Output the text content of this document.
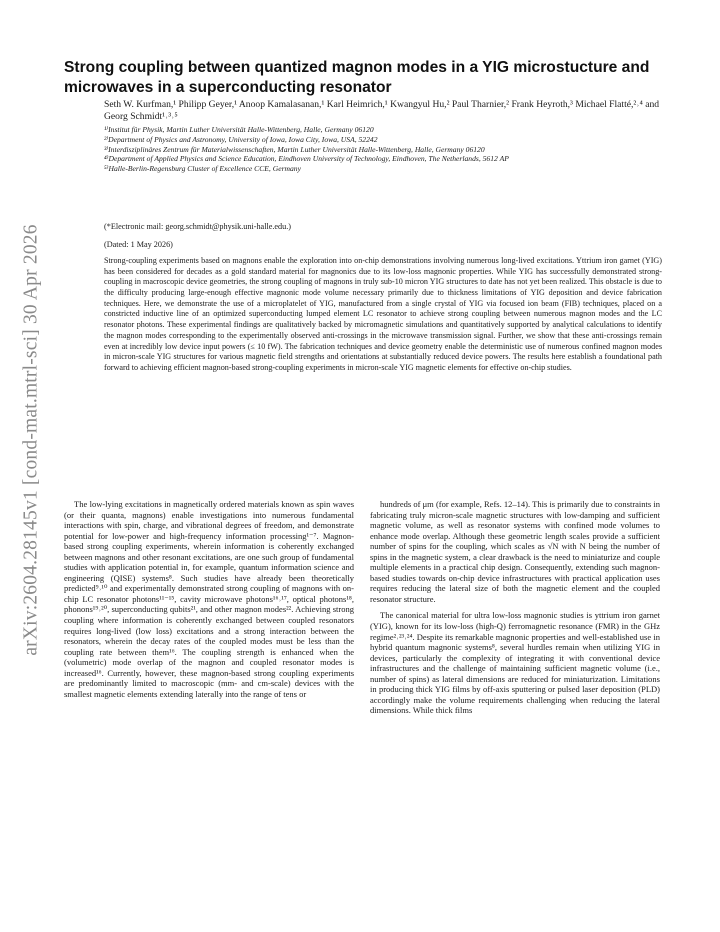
arXiv:2604.28145v1 [cond-mat.mtrl-sci] 30 Apr 2026
Strong coupling between quantized magnon modes in a YIG microstucture and microwaves in a superconducting resonator

Seth W. Kurfman,¹ Philipp Geyer,¹ Anoop Kamalasanan,¹ Karl Heimrich,¹ Kwangyul Hu,² Paul Tharnier,² Frank Heyroth,³ Michael Flatté,²˒⁴ and Georg Schmidt¹˒³˒⁵

¹⁾Institut für Physik, Martin Luther Universität Halle-Wittenberg, Halle, Germany 06120

²⁾Department of Physics and Astronomy, University of Iowa, Iowa City, Iowa, USA, 52242

³⁾Interdisziplinäres Zentrum für Materialwissenschaften, Martin Luther Universität Halle-Wittenberg, Halle, Germany 06120

⁴⁾Department of Applied Physics and Science Education, Eindhoven University of Technology, Eindhoven, The Netherlands, 5612 AP

⁵⁾Halle-Berlin-Regensburg Cluster of Excellence CCE, Germany

(*Electronic mail: georg.schmidt@physik.uni-halle.edu.)

(Dated: 1 May 2026)

Strong-coupling experiments based on magnons enable the exploration into on-chip demonstrations involving numerous long-lived excitations. Yttrium iron garnet (YIG) has been considered for decades as a gold standard material for magnonics due to its low-loss magnonic properties. While YIG has successfully demonstrated strong-coupling in macroscopic device geometries, the strong coupling of magnons in truly sub-10 micron YIG structures to date has not yet been realized. This obstacle is due to the difficulty producing large-enough effective magnonic mode volume necessary primarily due to thickness limitations of YIG deposition and device fabrication techniques. Here, we demonstrate the use of a microplatelet of YIG, manufactured from a single crystal of YIG via focused ion beam (FIB) techniques, placed on a constricted inductive line of an optimized superconducting lumped element LC resonator to achieve strong coupling between numerous magnon modes and the LC resonator photons. These experimental findings are qualitatively backed by micromagnetic simulations and quantitatively supported by analytical calculations to identify the magnon modes corresponding to the experimentally observed anti-crossings in the microwave transmission signal. Further, we show that these anti-crossings remain even at incredibly low device input powers (≤ 10 fW). The fabrication techniques and device geometry enable the deterministic use of numerous confined magnon modes in micron-scale YIG structures for various magnetic field strengths and orientations at substantially reduced device powers. The results here establish a foundational path forward to achieving efficient magnon-based strong-coupling experiments in micron-scale YIG magnetic elements for effective on-chip studies.

The low-lying excitations in magnetically ordered materials known as spin waves (or their quanta, magnons) enable investigations into numerous fundamental interactions with spin, charge, and vibrational degrees of freedom, and demonstrate potential for low-power and high-frequency information processing¹⁻⁷. Magnon-based strong coupling experiments, wherein information is coherently exchanged between magnons and other resonant excitations, are one such group of fundamental studies with application potential in, for example, quantum information science and engineering (QISE) systems⁸. Such studies have already been theoretically predicted⁹˒¹⁰ and experimentally demonstrated strong coupling of magnons with on-chip LC resonator photons¹¹⁻¹⁵, cavity microwave photons¹⁶˒¹⁷, optical photons¹⁸, phonons¹⁹˒²⁰, superconducting qubits²¹, and other magnon modes²². Achieving strong coupling where information is coherently exchanged between coupled resonators requires long-lived (low loss) excitations and a strong interaction between the resonators, wherein the decay rates of the coupled modes must be less than the coupling rate between them¹⁶. The coupling strength is enhanced when the (volumetric) mode overlap of the magnon and coupled resonator modes is increased¹⁶. Currently, however, these magnon-based strong coupling experiments are predominantly limited to macroscopic (mm- and cm-scale) devices with the smallest magnetic elements extending laterally into the range of tens or

hundreds of μm (for example, Refs. 12–14). This is primarily due to constraints in fabricating truly micron-scale magnetic structures with low-damping and sufficient magnetic volume, as well as resonator systems with confined mode volumes to enhance mode overlap. Although these geometric length scales provide a sufficient number of spins for the coupling, which scales as √N with N being the number of spins in the magnetic system, a clear drawback is the need to miniaturize and couple multiple elements in a practical chip design. Consequently, extending such magnon-based studies towards on-chip device infrastructures with practical application uses requires reducing the lateral size of both the magnetic element and the coupled resonator structure.

The canonical material for ultra low-loss magnonic studies is yttrium iron garnet (YIG), known for its low-loss (high-Q) ferromagnetic resonance (FMR) in the GHz regime²˒²³˒²⁴. Despite its remarkable magnonic properties and well-established use in hybrid quantum magnonic systems⁸, several hurdles remain when utilizing YIG in devices, particularly the complexity of integrating it with conventional device infrastructures and the challenge of maintaining sufficient magnetic volume (i.e., number of spins) as lateral dimensions are reduced for miniaturization. Limitations in producing thick YIG films by off-axis sputtering or pulsed laser deposition (PLD) accordingly make the volume requirements challenging when reducing the lateral dimensions. While thick films
